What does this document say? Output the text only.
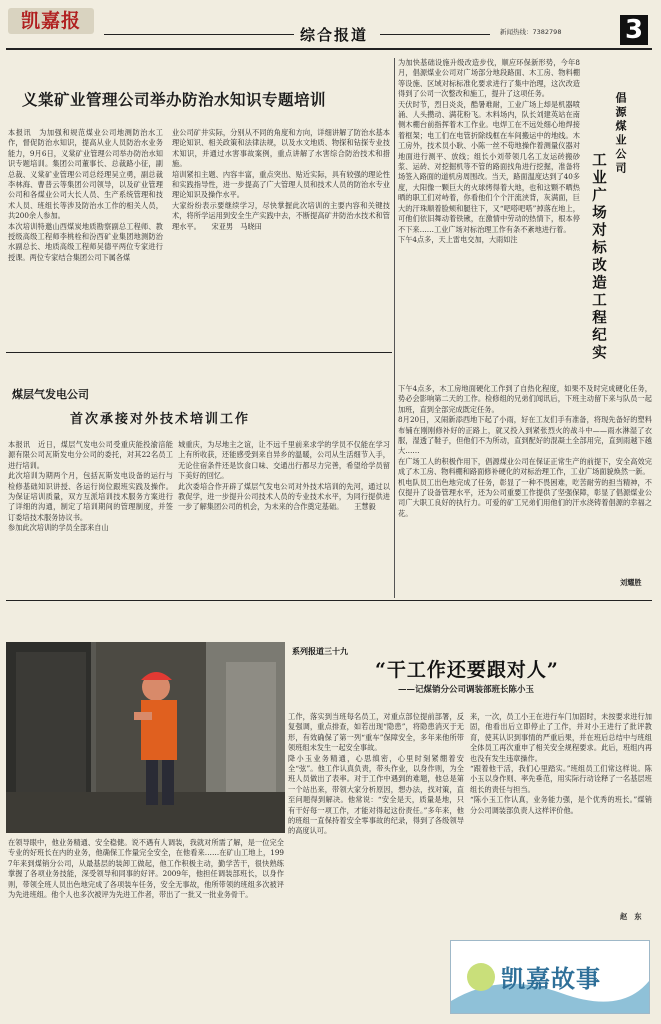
凯嘉报
综合报道	新闻热线：7382798 3
义棠矿业管理公司举办防治水知识专题培训
本报讯　为加强和规范煤业公司地测防治水工作，督促防治水知识，提高从业人员防治水业务能力，9月6日，义棠矿业管理公司举办防治水知识专题培训。集团公司董事长、总裁路小征，副总裁、义棠矿业管理公司总经理吴立勇，副总裁李林海、曹普云等集团公司领导，以及矿业管理公司和各煤业公司大长人员、生产系统管理和技术人员、班组长等涉及防治水工作的相关人员，共200余人参加。
本次培训特邀山西煤炭地质勘察副总工程师、教授级高级工程师李桃栓和汾西矿业集团地测防治水副总长、地质高级工程师吴德平两位专家进行授课。两位专家结合集团公司下属各煤
业公司矿井实际，分别从不同的角度和方向，详细讲解了防治水基本理论知识、相关政策和法律法规，以及水文地质、物探和钻探专业技术知识，并通过水害事故案例，重点讲解了水害综合防治技术和措施。
培训紧扣主题、内容丰富，重点突出、贴近实际，具有较强的理论性和实践指导性，进一步提高了广大管理人员和技术人员的防治水专业理论知识及操作水平。
大家纷纷表示要继续学习，尽快掌握此次培训的主要内容和关键技术，将所学运用到安全生产实践中去，不断提高矿井防治水技术和管理水平。　　宋亚男　马晓田
煤层气发电公司
首次承接对外技术培训工作
本报讯　近日，煤层气发电公司受重庆能投渝涪能源有限公司瓦斯发电分公司的委托，对其22名员工进行培训。
此次培训为期两个月，包括瓦斯发电设备的运行与检修基础知识讲授、各运行岗位跟班实践及操作。为保证培训质量，双方互派培训技术服务方案进行了详细的沟通，制定了培训期间的管理制度，并签订委培技术服务协议书。
参加此次培训的学员全部来自山
城重庆，为尽地主之谊，让不远千里前来求学的学员不仅能在学习上有所收获，还能感受到来自异乡的温暖，公司从生活细节入手，无论住宿条件还是饮食口味、交通出行都尽力完善，希望给学员留下美好的回忆。
此次委培合作开辟了煤层气发电公司对外技术培训的先河，通过以教促学，进一步提升公司技术人员的专业技术水平，为同行提供进一步了解集团公司的机会，为未来的合作奠定基础。　　王慧毅
倡源煤业公司
工业广场对标改造工程纪实
为加快基础设施升级改造步伐，顺应环保新形势，今年8月，倡源煤业公司对广场部分地段路面、木工房、物料棚等设施、区域对标标准化要求进行了集中治理，这次改造得到了公司一次整改和施工，提升了这项任务。
天伏时节，烈日炎炎，酷暑难耐，工业广场上却是机器喷涌、人头攒动、满花粉飞。木料场内，队长刘建英站在南侧木棚台前指挥着木工作业。电焊工在不远处细心地焊接着框架；电工们在电管折除线框在车间搬运中的地线。木工房外，技术员小耿、小陈一丝不苟地操作着测量仪器对地面进行测平、放线；组长小刘带领几名工友运砖搬砂浆、运砖、对挖掘机等不管的路面找角进行挖掘，准备将场签入路面的道机房周围改。当天，路面温度达到了40多度，大阳像一颗巨大的火球烤得着大地，也和这颗不晒热晒的职工们对峙着，你看他们个个汗流浃背，灰满面，巨大的汗珠顺着脸颊和腿往下，又“吧嗒吧嗒”掉落在地上，可他们依旧舞动着铁锹，在激情中劳动的热情下，根本停不下来……工业广场对标治理工作有条不紊地进行着。
下午4点多，天上雷电交加，大雨如注
下午4点多，木工房地面硬化工作到了自热化程度，如果不及时完成硬化任务，势必会影响第二天的工作。检修组的兄弟们闻讯后，下班主动留下来与队员一起加班，直到全部完成既定任务。
8月20日，又闹新添西地下起了小雨，好在工友们手有准备，将现先备好的塑料布铺在刚刚修补好的正路上，就又投入到紧张烈火的战斗中——雨水淋湿了衣服，湿透了鞋子，但他们不为所动，直到配好的混凝土全部用完，直到雨越下越大……
在广场工人的积极作用下，倡源煤业公司在保证正常生产的前提下，安全高效完成了木工房、物料棚和路面修补硬化的对标治理工作，工业广场面貌焕然一新。
机电队员工出色地完成了任务，彰显了一种不畏困难，吃苦耐劳的担当精神，不仅提升了设备管理水平，还为公司重要工作提供了坚强保障，彰显了倡源煤业公司广大职工良好的执行力。可爱的矿工兄弟们用他们的汗水浇铸着倡源的幸福之花。
刘耀胜
系列报道三十九
“干工作还要跟对人”
——记煤销分公司调装部班长陈小玉
在领导眼中，他业务精通、安全稳健。说不遇有人调装，我就对所需了解，是一位完全专业的好班长在内的业务，他确保工作量完全安全，在他看来……在矿山工地上，1997年来到煤销分公司，从最基层的装卸工做起，他工作积极主动，勤学苦干，很快熟练掌握了各项业务技能，深受领导和同事的好评。2009年，他担任调装部班长，以身作则，带领全班人员出色地完成了各项装车任务，安全无事故，他所带领的班组多次被评为先进班组。他个人也多次被评为先进工作者，带出了一批又一批业务骨干。
工作，落实到当班每名员工，对重点部位提前部署，反复强调，重点排查，如若出现“隐患”，将隐患消灭于无形，有效确保了第一列“重车”保障安全，多年来他所带领班组未发生一起安全事故。
降小玉业务精通，心思缜密，心里时刻紧绷着安全“弦”。他工作认真负责，带头作业，以身作则，为全班人员做出了表率。对于工作中遇到的难题，他总是第一个站出来，带领大家分析原因，想办法，找对策，直至问题得到解决。他常说：“安全是天，质量是地，只有干好每一项工作，才能对得起这份责任。”多年来，他的班组一直保持着安全零事故的纪录，得到了各级领导的高度认可。
来，一次，员工小王在进行车门加固时，未按要求进行加固，他看出后立即停止了工作，并对小王进行了批评教育，使其认识到事情的严重后果，并在班后总结中与班组全体员工再次重申了相关安全规程要求。此后，班组内再也没有发生违章操作。
“跟着他干活，我们心里踏实。”班组员工们常这样说。陈小玉以身作则、率先垂范，用实际行动诠释了一名基层班组长的责任与担当。
“陈小玉工作认真，业务能力强，是个优秀的班长。”煤销分公司调装部负责人这样评价他。
赵　东
凯嘉故事
